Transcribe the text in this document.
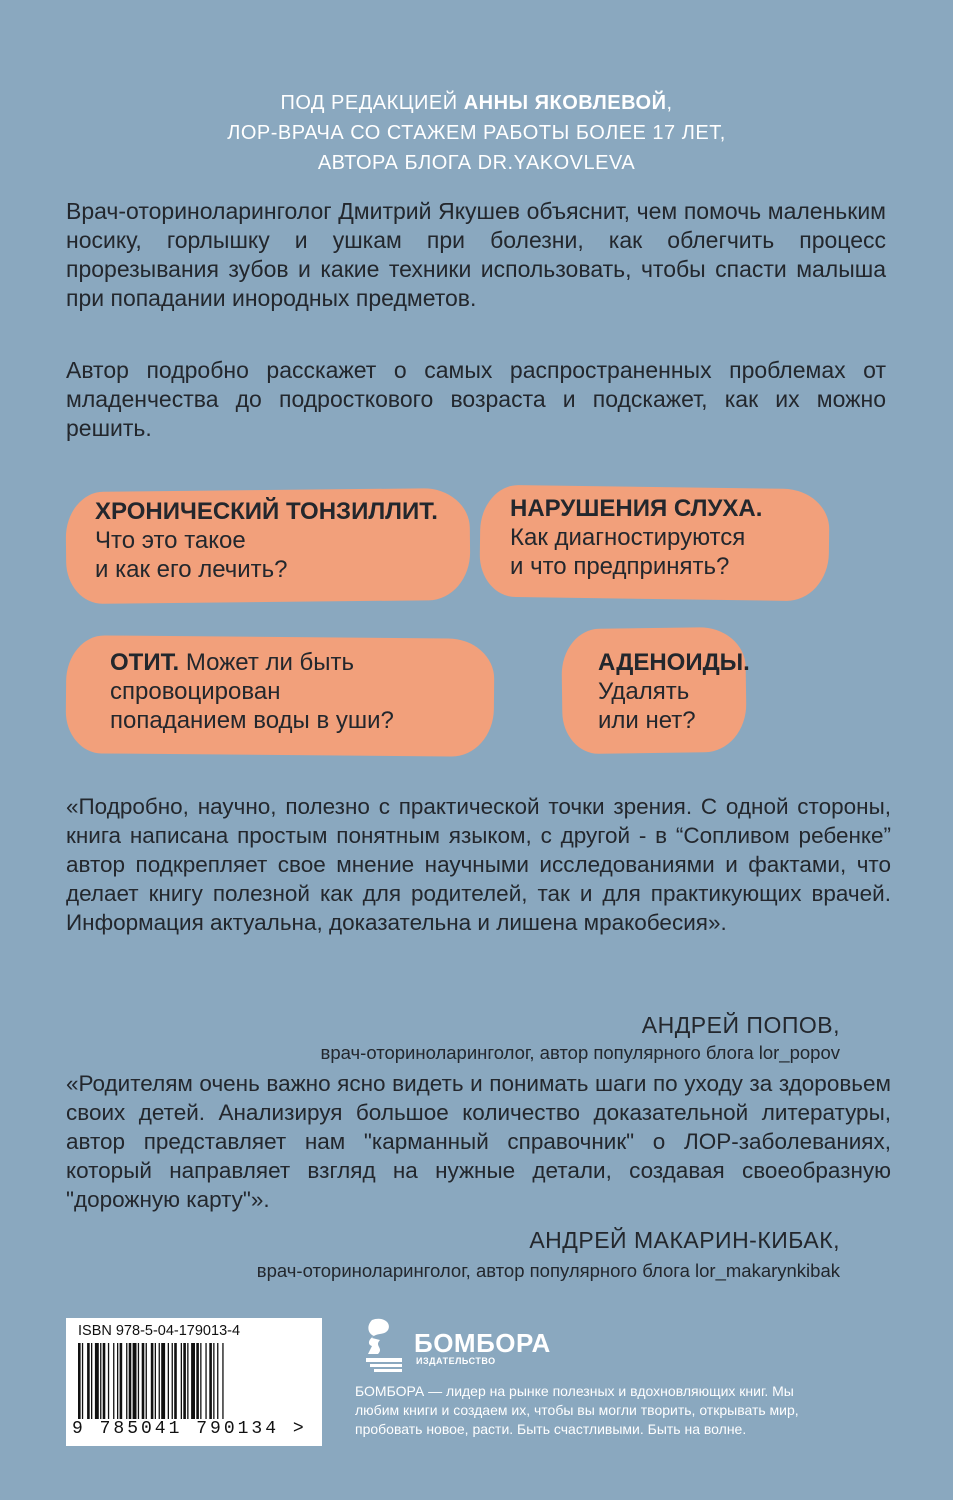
ПОД РЕДАКЦИЕЙ АННЫ ЯКОВЛЕВОЙ,
ЛОР-ВРАЧА СО СТАЖЕМ РАБОТЫ БОЛЕЕ 17 ЛЕТ,
АВТОРА БЛОГА DR.YAKOVLEVA

Врач-оториноларинголог Дмитрий Якушев объяснит, чем помочь маленьким носику, горлышку и ушкам при болезни, как облегчить процесс прорезывания зубов и какие техники использовать, чтобы спасти малыша при попадании инородных предметов.

Автор подробно расскажет о самых распространенных проблемах от младенчества до подросткового возраста и подскажет, как их можно решить.

ХРОНИЧЕСКИЙ ТОНЗИЛЛИТ.
Что это такое
и как его лечить?
НАРУШЕНИЯ СЛУХА.
Как диагностируются
и что предпринять?
ОТИТ. Может ли быть
спровоцирован
попаданием воды в уши?
АДЕНОИДЫ.
Удалять
или нет?

«Подробно, научно, полезно с практической точки зрения. С одной стороны, книга написана простым понятным языком, с другой - в “Сопливом ребенке” автор подкрепляет свое мнение научными исследованиями и фактами, что делает книгу полезной как для родителей, так и для практикующих врачей. Информация актуальна, доказательна и лишена мракобесия».

АНДРЕЙ ПОПОВ,
врач-оториноларинголог, автор популярного блога lor_popov

«Родителям очень важно ясно видеть и понимать шаги по уходу за здоровьем своих детей. Анализируя большое количество доказательной литературы, автор представляет нам "карманный справочник" о ЛОР-заболеваниях, который направляет взгляд на нужные детали, создавая своеобразную "дорожную карту"».

АНДРЕЙ МАКАРИН-КИБАК,
врач-оториноларинголог, автор популярного блога lor_makarynkibak
ISBN 978-5-04-179013-4
9 785041 790134 >
БОМБОРА
ИЗДАТЕЛЬСТВО

БОМБОРА — лидер на рынке полезных и вдохновляющих книг. Мы любим книги и создаем их, чтобы вы могли творить, открывать мир, пробовать новое, расти. Быть счастливыми. Быть на волне.
